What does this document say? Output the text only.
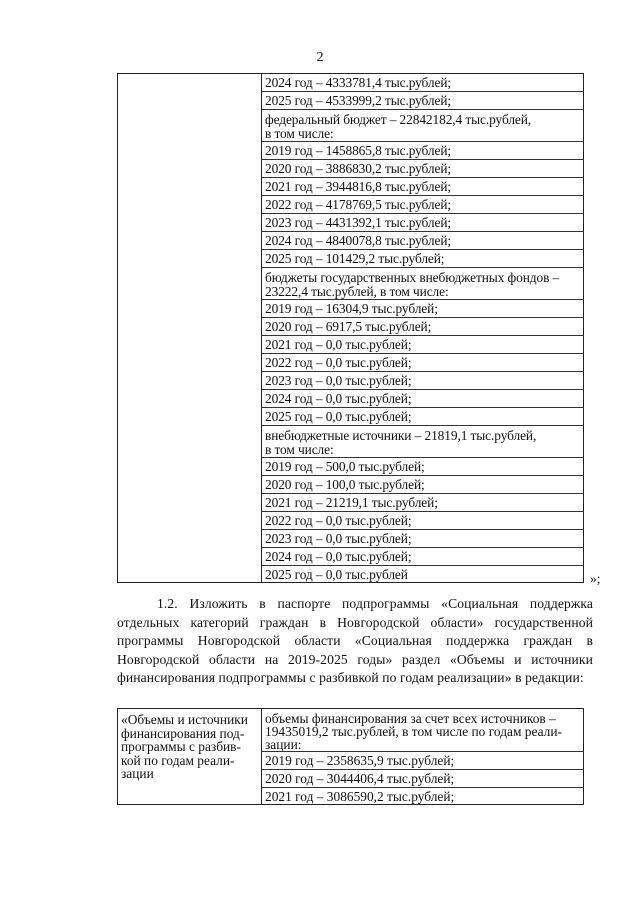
2
2024 год – 4333781,4 тыс.рублей;
2025 год – 4533999,2 тыс.рублей;
федеральный бюджет – 22842182,4 тыс.рублей,
в том числе:
2019 год – 1458865,8 тыс.рублей;
2020 год – 3886830,2 тыс.рублей;
2021 год – 3944816,8 тыс.рублей;
2022 год – 4178769,5 тыс.рублей;
2023 год – 4431392,1 тыс.рублей;
2024 год – 4840078,8 тыс.рублей;
2025 год – 101429,2 тыс.рублей;
бюджеты государственных внебюджетных фондов –
23222,4 тыс.рублей, в том числе:
2019 год – 16304,9 тыс.рублей;
2020 год – 6917,5 тыс.рублей;
2021 год – 0,0 тыс.рублей;
2022 год – 0,0 тыс.рублей;
2023 год – 0,0 тыс.рублей;
2024 год – 0,0 тыс.рублей;
2025 год – 0,0 тыс.рублей;
внебюджетные источники – 21819,1 тыс.рублей,
в том числе:
2019 год – 500,0 тыс.рублей;
2020 год – 100,0 тыс.рублей;
2021 год – 21219,1 тыс.рублей;
2022 год – 0,0 тыс.рублей;
2023 год – 0,0 тыс.рублей;
2024 год – 0,0 тыс.рублей;
2025 год – 0,0 тыс.рублей	»;
1.2. Изложить в паспорте подпрограммы «Социальная поддержка отдельных категорий граждан в Новгородской области» государственной программы Новгородской области «Социальная поддержка граждан в Новгородской области на 2019-2025 годы» раздел «Объемы и источники финансирования подпрограммы с разбивкой по годам реализации» в редакции:
«Объемы и источники
финансирования под-
программы с разбив-
кой по годам реали-
зации
объемы финансирования за счет всех источников –
19435019,2 тыс.рублей, в том числе по годам реали-
зации:
2019 год – 2358635,9 тыс.рублей;
2020 год – 3044406,4 тыс.рублей;
2021 год – 3086590,2 тыс.рублей;
